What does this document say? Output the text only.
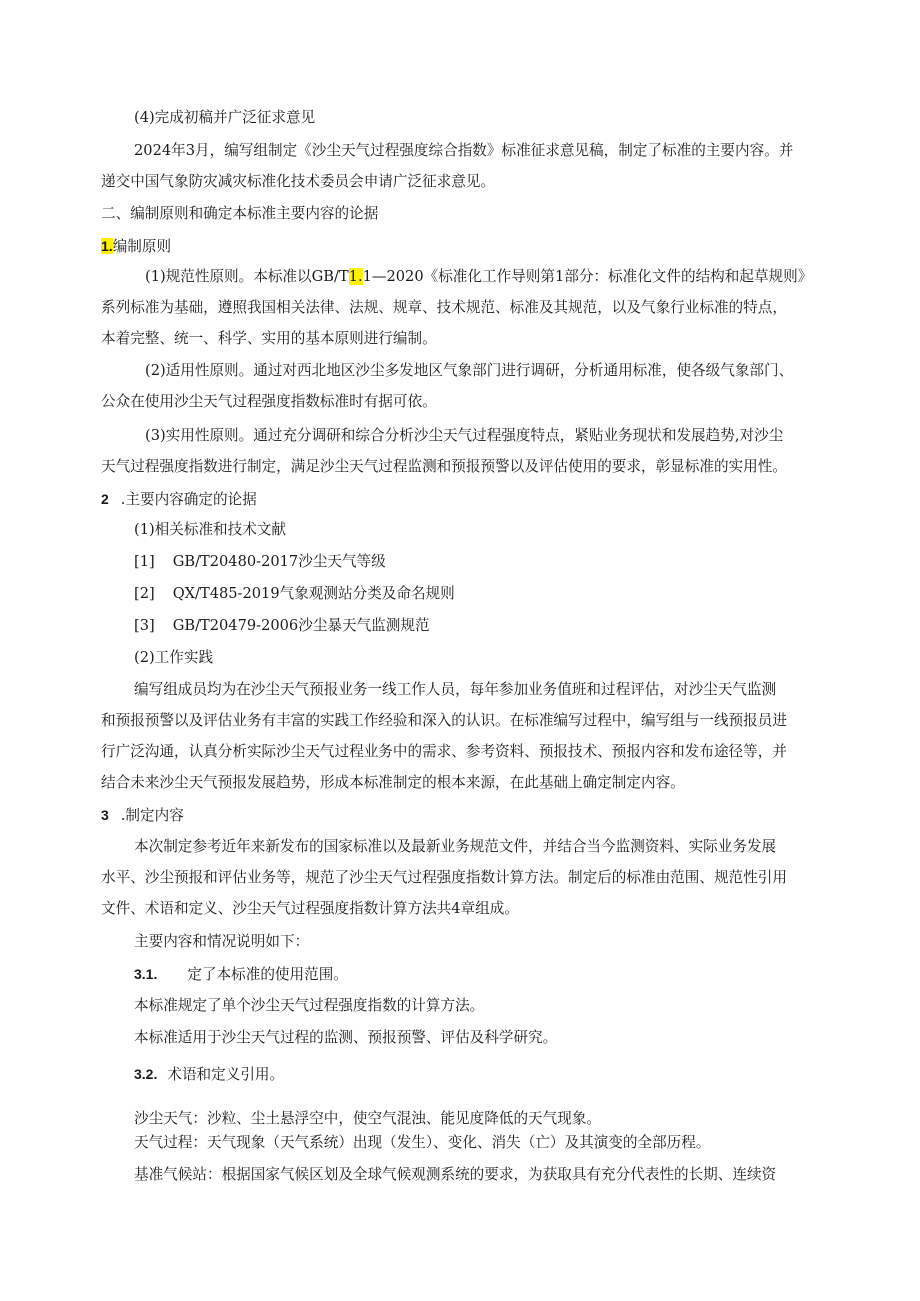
(4)完成初稿并广泛征求意见
2024年3月，编写组制定《沙尘天气过程强度综合指数》标准征求意见稿，制定了标准的主要内容。并
递交中国气象防灾减灾标准化技术委员会申请广泛征求意见。
二、编制原则和确定本标准主要内容的论据
1.编制原则
(1)规范性原则。本标准以GB/T1.1—2020《标准化工作导则第1部分：标准化文件的结构和起草规则》
系列标准为基础，遵照我国相关法律、法规、规章、技术规范、标准及其规范，以及气象行业标准的特点，
本着完整、统一、科学、实用的基本原则进行编制。
(2)适用性原则。通过对西北地区沙尘多发地区气象部门进行调研，分析通用标准，使各级气象部门、
公众在使用沙尘天气过程强度指数标准时有据可依。
(3)实用性原则。通过充分调研和综合分析沙尘天气过程强度特点，紧贴业务现状和发展趋势,对沙尘
天气过程强度指数进行制定，满足沙尘天气过程监测和预报预警以及评估使用的要求，彰显标准的实用性。
2 .主要内容确定的论据
(1)相关标准和技术文献
[1] GB/T20480-2017沙尘天气等级
[2] QX/T485-2019气象观测站分类及命名规则
[3] GB/T20479-2006沙尘暴天气监测规范
(2)工作实践
编写组成员均为在沙尘天气预报业务一线工作人员，每年参加业务值班和过程评估，对沙尘天气监测
和预报预警以及评估业务有丰富的实践工作经验和深入的认识。在标准编写过程中，编写组与一线预报员进
行广泛沟通，认真分析实际沙尘天气过程业务中的需求、参考资料、预报技术、预报内容和发布途径等，并
结合未来沙尘天气预报发展趋势，形成本标准制定的根本来源，在此基础上确定制定内容。
3 .制定内容
本次制定参考近年来新发布的国家标准以及最新业务规范文件，并结合当今监测资料、实际业务发展
水平、沙尘预报和评估业务等，规范了沙尘天气过程强度指数计算方法。制定后的标准由范围、规范性引用
文件、术语和定义、沙尘天气过程强度指数计算方法共4章组成。
主要内容和情况说明如下：
3.1. 定了本标准的使用范围。
本标准规定了单个沙尘天气过程强度指数的计算方法。
本标准适用于沙尘天气过程的监测、预报预警、评估及科学研究。
3.2. 术语和定义引用。
沙尘天气：沙粒、尘土悬浮空中，使空气混浊、能见度降低的天气现象。
天气过程：天气现象（天气系统）出现（发生）、变化、消失（亡）及其演变的全部历程。
基准气候站：根据国家气候区划及全球气候观测系统的要求，为获取具有充分代表性的长期、连续资
